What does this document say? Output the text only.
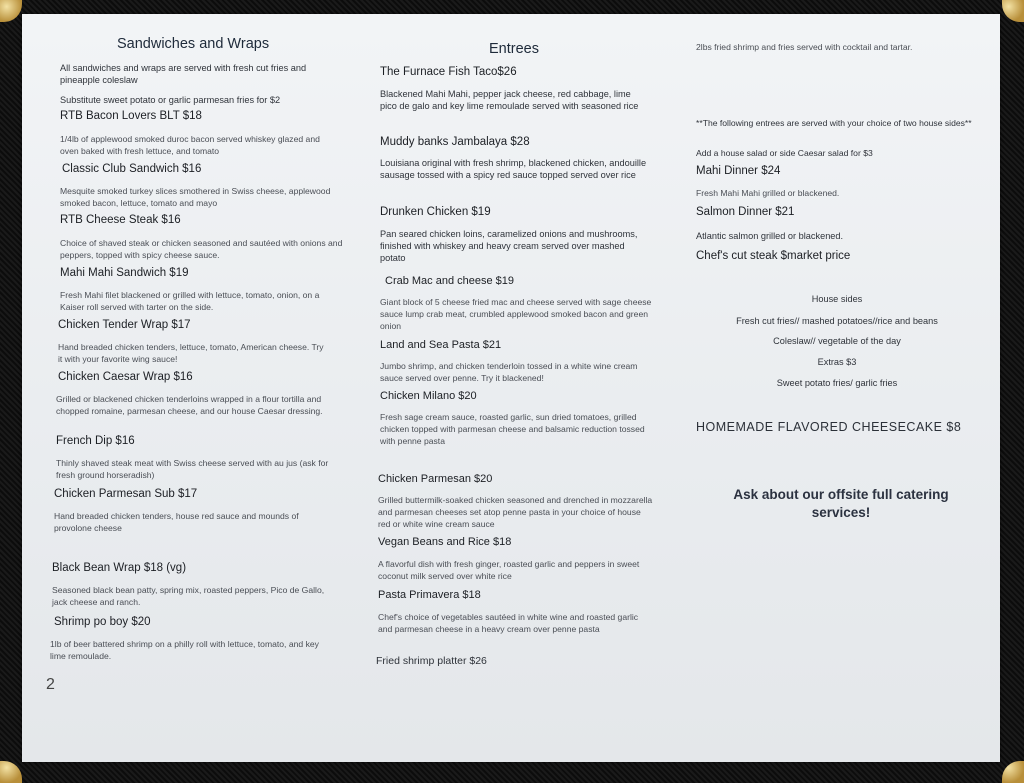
Sandwiches and Wraps
All sandwiches and wraps are served with fresh cut fries and pineapple coleslaw
Substitute sweet potato or garlic parmesan fries for $2
RTB Bacon Lovers BLT $18
1/4lb of applewood smoked duroc bacon served whiskey glazed and oven baked with fresh lettuce, and tomato
Classic Club Sandwich $16
Mesquite smoked turkey slices smothered in Swiss cheese, applewood smoked bacon, lettuce, tomato and mayo
RTB Cheese Steak $16
Choice of shaved steak or chicken seasoned and sautéed with onions and peppers, topped with spicy cheese sauce.
Mahi Mahi Sandwich $19
Fresh Mahi filet blackened or grilled with lettuce, tomato, onion, on a Kaiser roll served with tarter on the side.
Chicken Tender Wrap $17
Hand breaded chicken tenders, lettuce, tomato, American cheese. Try it with your favorite wing sauce!
Chicken Caesar Wrap $16
Grilled or blackened chicken tenderloins wrapped in a flour tortilla and chopped romaine, parmesan cheese, and our house Caesar dressing.
French Dip $16
Thinly shaved steak meat with Swiss cheese served with au jus (ask for fresh ground horseradish)
Chicken Parmesan Sub $17
Hand breaded chicken tenders, house red sauce and mounds of provolone cheese
Black Bean Wrap $18 (vg)
Seasoned black bean patty, spring mix, roasted peppers, Pico de Gallo, jack cheese and ranch.
Shrimp po boy $20
1lb of beer battered shrimp on a philly roll with lettuce, tomato, and key lime remoulade.
2
Entrees
The Furnace Fish Taco$26
Blackened Mahi Mahi, pepper jack cheese, red cabbage, lime pico de galo and key lime remoulade served with seasoned rice
Muddy banks Jambalaya $28
Louisiana original with fresh shrimp, blackened chicken, andouille sausage tossed with a spicy red sauce topped served over rice
Drunken Chicken $19
Pan seared chicken loins, caramelized onions and mushrooms, finished with whiskey and heavy cream served over mashed potato
Crab Mac and cheese $19
Giant block of 5 cheese fried mac and cheese served with sage cheese sauce lump crab meat, crumbled applewood smoked bacon and green onion
Land and Sea Pasta $21
Jumbo shrimp, and chicken tenderloin tossed in a white wine cream sauce served over penne. Try it blackened!
Chicken Milano $20
Fresh sage cream sauce, roasted garlic, sun dried tomatoes, grilled chicken topped with parmesan cheese and balsamic reduction tossed with penne pasta
Chicken Parmesan $20
Grilled buttermilk-soaked chicken seasoned and drenched in mozzarella and parmesan cheeses set atop penne pasta in your choice of house red or white wine cream sauce
Vegan Beans and Rice $18
A flavorful dish with fresh ginger, roasted garlic and peppers in sweet coconut milk served over white rice
Pasta Primavera $18
Chef's choice of vegetables sautéed in white wine and roasted garlic and parmesan cheese in a heavy cream over penne pasta
Fried shrimp platter $26
2lbs fried shrimp and fries served with cocktail and tartar.
**The following entrees are served with your choice of two house sides**
Add a house salad or side Caesar salad for $3
Mahi Dinner $24
Fresh Mahi Mahi grilled or blackened.
Salmon Dinner $21
Atlantic salmon grilled or blackened.
Chef's cut steak $market price
House sides
Fresh cut fries// mashed potatoes//rice and beans
Coleslaw// vegetable of the day
Extras $3
Sweet potato fries/ garlic fries
HOMEMADE FLAVORED CHEESECAKE $8
Ask about our offsite full catering services!
